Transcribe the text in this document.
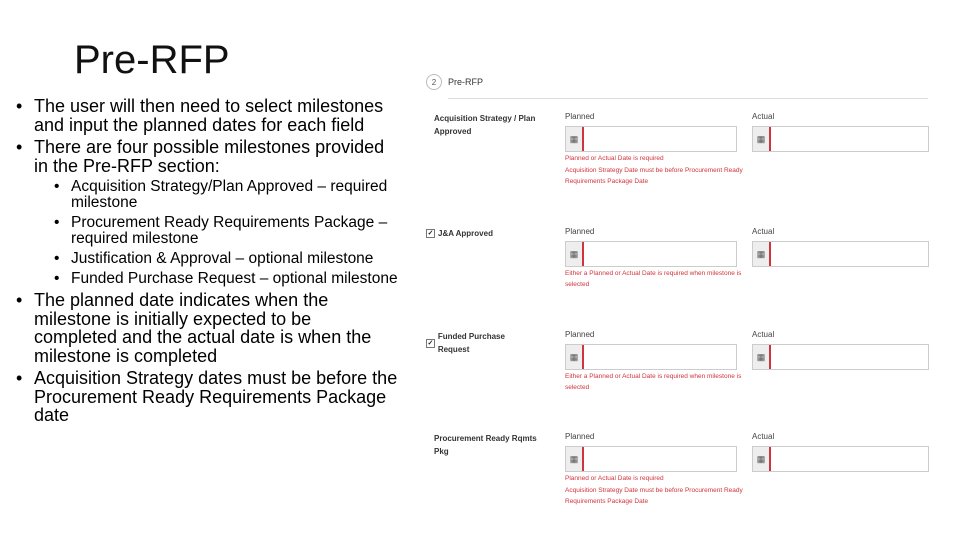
Pre-RFP
• The user will then need to select milestones and input the planned dates for each field
• There are four possible milestones provided in the Pre-RFP section:
• Acquisition Strategy/Plan Approved – required milestone
• Procurement Ready Requirements Package – required milestone
• Justification & Approval – optional milestone
• Funded Purchase Request – optional milestone
• The planned date indicates when the milestone is initially expected to be completed and the actual date is when the milestone is completed
• Acquisition Strategy dates must be before the Procurement Ready Requirements Package date
2	Pre-RFP
Acquisition Strategy / Plan Approved
Planned	Actual
▦	▦
Planned or Actual Date is required
Acquisition Strategy Date must be before Procurement Ready Requirements Package Date
✓ J&A Approved	Planned	Actual
▦	▦
Either a Planned or Actual Date is required when milestone is selected
✓
Funded Purchase Request
Planned	Actual
▦	▦
Either a Planned or Actual Date is required when milestone is selected
Procurement Ready Rqmts Pkg
Planned	Actual
▦	▦
Planned or Actual Date is required
Acquisition Strategy Date must be before Procurement Ready Requirements Package Date
